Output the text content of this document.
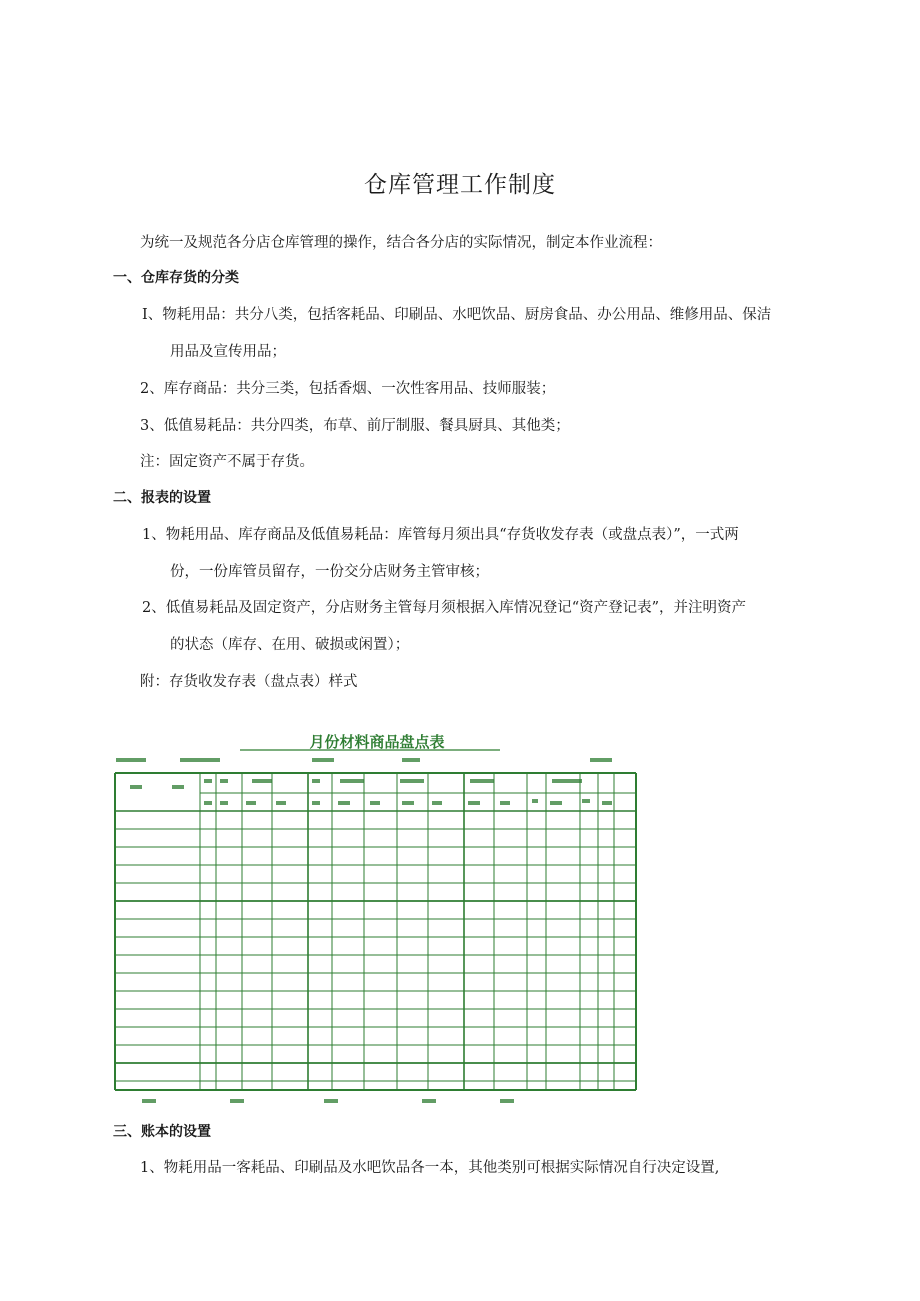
仓库管理工作制度
为统一及规范各分店仓库管理的操作，结合各分店的实际情况，制定本作业流程：
一、仓库存货的分类
I、物耗用品：共分八类，包括客耗品、印刷品、水吧饮品、厨房食品、办公用品、维修用品、保洁
用品及宣传用品；
2、库存商品：共分三类，包括香烟、一次性客用品、技师服装；
3、低值易耗品：共分四类，布草、前厅制服、餐具厨具、其他类；
注：固定资产不属于存货。
二、报表的设置
1、物耗用品、库存商品及低值易耗品：库管每月须出具“存货收发存表（或盘点表）”，一式两
份，一份库管员留存，一份交分店财务主管审核；
2、低值易耗品及固定资产，分店财务主管每月须根据入库情况登记“资产登记表”，并注明资产
的状态（库存、在用、破损或闲置）；
附：存货收发存表（盘点表）样式
月份材料商品盘点表
三、账本的设置
1、物耗用品一客耗品、印刷品及水吧饮品各一本，其他类别可根据实际情况自行决定设置,
